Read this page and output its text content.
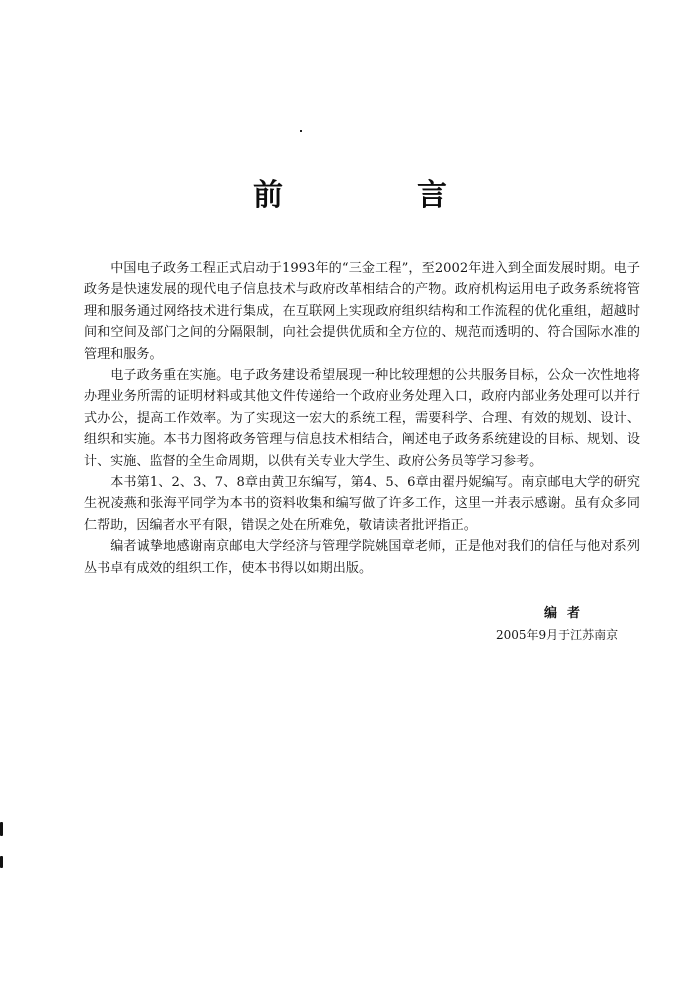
前　言

中国电子政务工程正式启动于1993年的“三金工程”，至2002年进入到全面发展时期。电子政务是快速发展的现代电子信息技术与政府改革相结合的产物。政府机构运用电子政务系统将管理和服务通过网络技术进行集成，在互联网上实现政府组织结构和工作流程的优化重组，超越时间和空间及部门之间的分隔限制，向社会提供优质和全方位的、规范而透明的、符合国际水准的管理和服务。

电子政务重在实施。电子政务建设希望展现一种比较理想的公共服务目标，公众一次性地将办理业务所需的证明材料或其他文件传递给一个政府业务处理入口，政府内部业务处理可以并行式办公，提高工作效率。为了实现这一宏大的系统工程，需要科学、合理、有效的规划、设计、组织和实施。本书力图将政务管理与信息技术相结合，阐述电子政务系统建设的目标、规划、设计、实施、监督的全生命周期，以供有关专业大学生、政府公务员等学习参考。

本书第1、2、3、7、8章由黄卫东编写，第4、5、6章由翟丹妮编写。南京邮电大学的研究生祝凌燕和张海平同学为本书的资料收集和编写做了许多工作，这里一并表示感谢。虽有众多同仁帮助，因编者水平有限，错误之处在所难免，敬请读者批评指正。

编者诚挚地感谢南京邮电大学经济与管理学院姚国章老师，正是他对我们的信任与他对系列丛书卓有成效的组织工作，使本书得以如期出版。

编者
2005年9月于江苏南京
